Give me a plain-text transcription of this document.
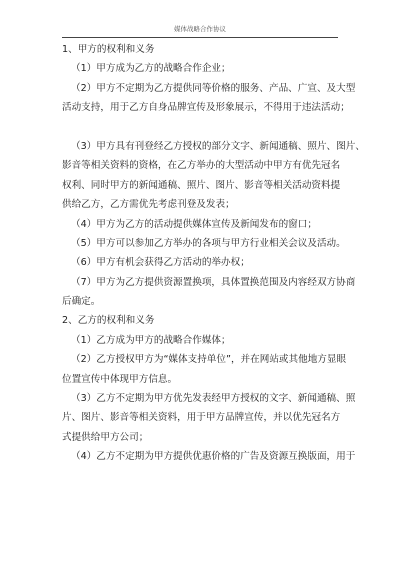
媒体战略合作协议
1、甲方的权利和义务
（1）甲方成为乙方的战略合作企业；
（2）甲方不定期为乙方提供同等价格的服务、产品、广宣、及大型
活动支持，用于乙方自身品牌宣传及形象展示，不得用于违法活动；
（3）甲方具有刊登经乙方授权的部分文字、新闻通稿、照片、图片、
影音等相关资料的资格，在乙方举办的大型活动中甲方有优先冠名
权利、同时甲方的新闻通稿、照片、图片、影音等相关活动资料提
供给乙方，乙方需优先考虑刊登及发表；
（4）甲方为乙方的活动提供媒体宣传及新闻发布的窗口；
（5）甲方可以参加乙方举办的各项与甲方行业相关会议及活动。
（6）甲方有机会获得乙方活动的举办权；
（7）甲方为乙方提供资源置换项，具体置换范围及内容经双方协商
后确定。
2、乙方的权利和义务
（1）乙方成为甲方的战略合作媒体；
（2）乙方授权甲方为“媒体支持单位”，并在网站或其他地方显眼
位置宣传中体现甲方信息。
（3）乙方不定期为甲方优先发表经甲方授权的文字、新闻通稿、照
片、图片、影音等相关资料，用于甲方品牌宣传，并以优先冠名方
式提供给甲方公司；
（4）乙方不定期为甲方提供优惠价格的广告及资源互换版面，用于
